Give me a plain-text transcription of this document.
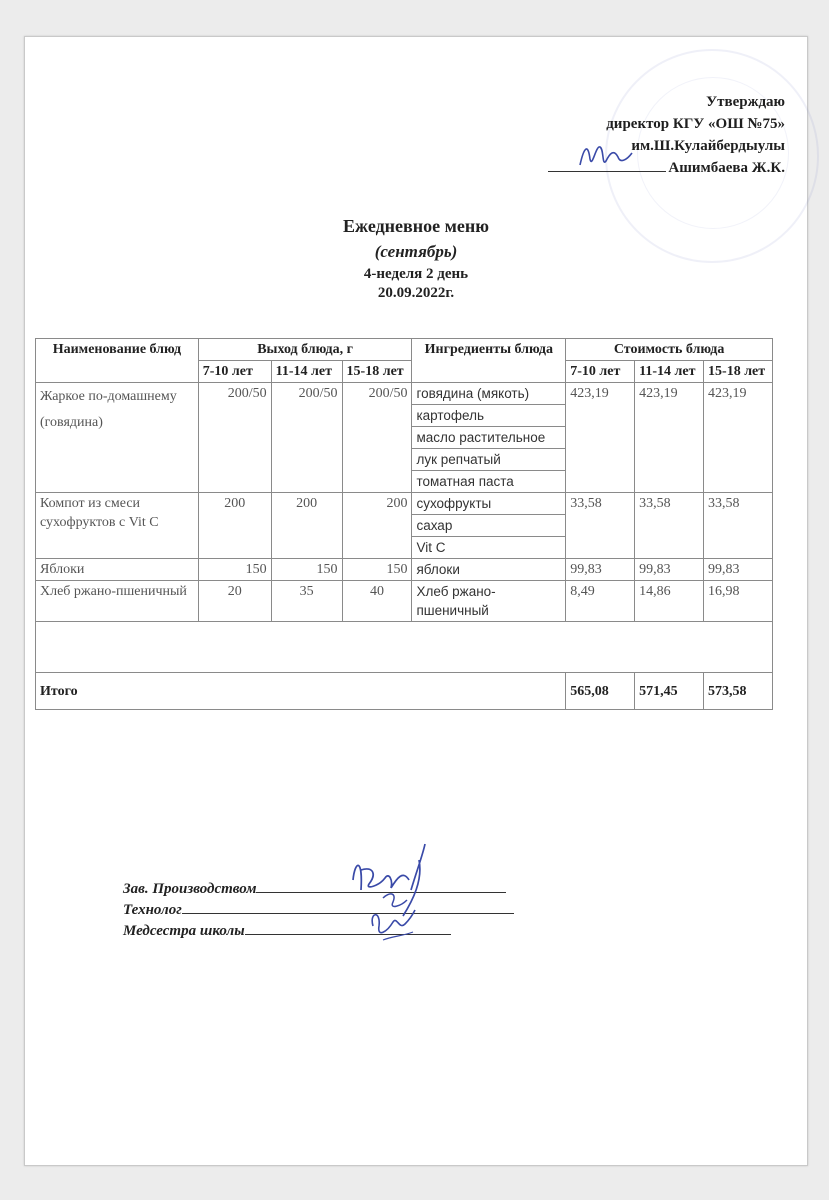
Утверждаю
директор КГУ «ОШ №75»
им.Ш.Кулайбердыулы
Ашимбаева Ж.К.
Ежедневное меню
(сентябрь)
4-неделя 2 день
20.09.2022г.
Наименование блюд	Выход блюда, г			Ингредиенты блюда	Стоимость блюда		
	7-10 лет	11-14 лет	15-18 лет		7-10 лет	11-14 лет	15-18 лет
Жаркое по-домашнему (говядина)	200/50	200/50	200/50	говядина (мякоть)	423,19	423,19	423,19
				картофель			
				масло растительное			
				лук репчатый			
				томатная паста			
Компот из смеси сухофруктов с Vit C	200	200	200	сухофрукты	33,58	33,58	33,58
				сахар			
				Vit C			
Яблоки	150	150	150	яблоки	99,83	99,83	99,83
Хлеб ржано-пшеничный	20	35	40	Хлеб ржано-пшеничный	8,49	14,86	16,98

Итого					565,08	571,45	573,58
Зав. Производством
Технолог
Медсестра школы
